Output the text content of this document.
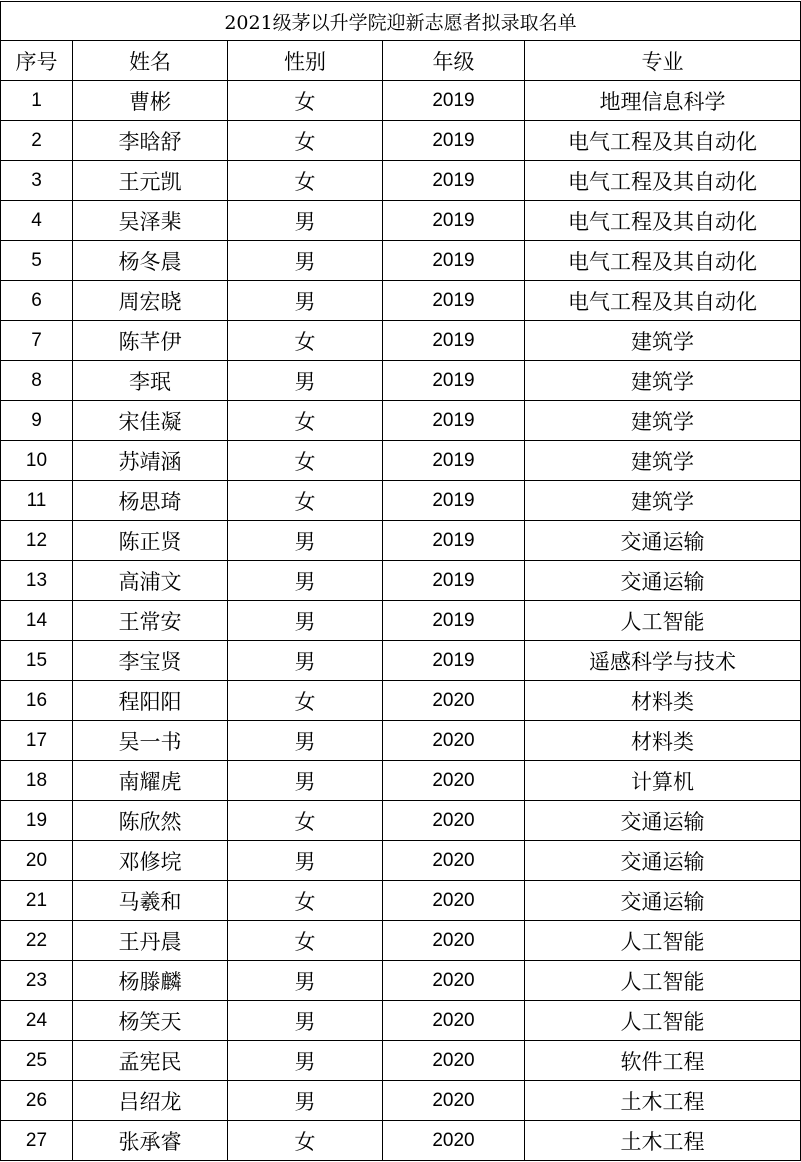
2021级茅以升学院迎新志愿者拟录取名单				
序号	姓名	性别	年级	专业
1	曹彬	女	2019	地理信息科学
2	李晗舒	女	2019	电气工程及其自动化
3	王元凯	女	2019	电气工程及其自动化
4	吴泽棐	男	2019	电气工程及其自动化
5	杨冬晨	男	2019	电气工程及其自动化
6	周宏晓	男	2019	电气工程及其自动化
7	陈芊伊	女	2019	建筑学
8	李珉	男	2019	建筑学
9	宋佳凝	女	2019	建筑学
10	苏靖涵	女	2019	建筑学
11	杨思琦	女	2019	建筑学
12	陈正贤	男	2019	交通运输
13	高浦文	男	2019	交通运输
14	王常安	男	2019	人工智能
15	李宝贤	男	2019	遥感科学与技术
16	程阳阳	女	2020	材料类
17	吴一书	男	2020	材料类
18	南耀虎	男	2020	计算机
19	陈欣然	女	2020	交通运输
20	邓修垸	男	2020	交通运输
21	马羲和	女	2020	交通运输
22	王丹晨	女	2020	人工智能
23	杨滕麟	男	2020	人工智能
24	杨笑天	男	2020	人工智能
25	孟宪民	男	2020	软件工程
26	吕绍龙	男	2020	土木工程
27	张承睿	女	2020	土木工程
